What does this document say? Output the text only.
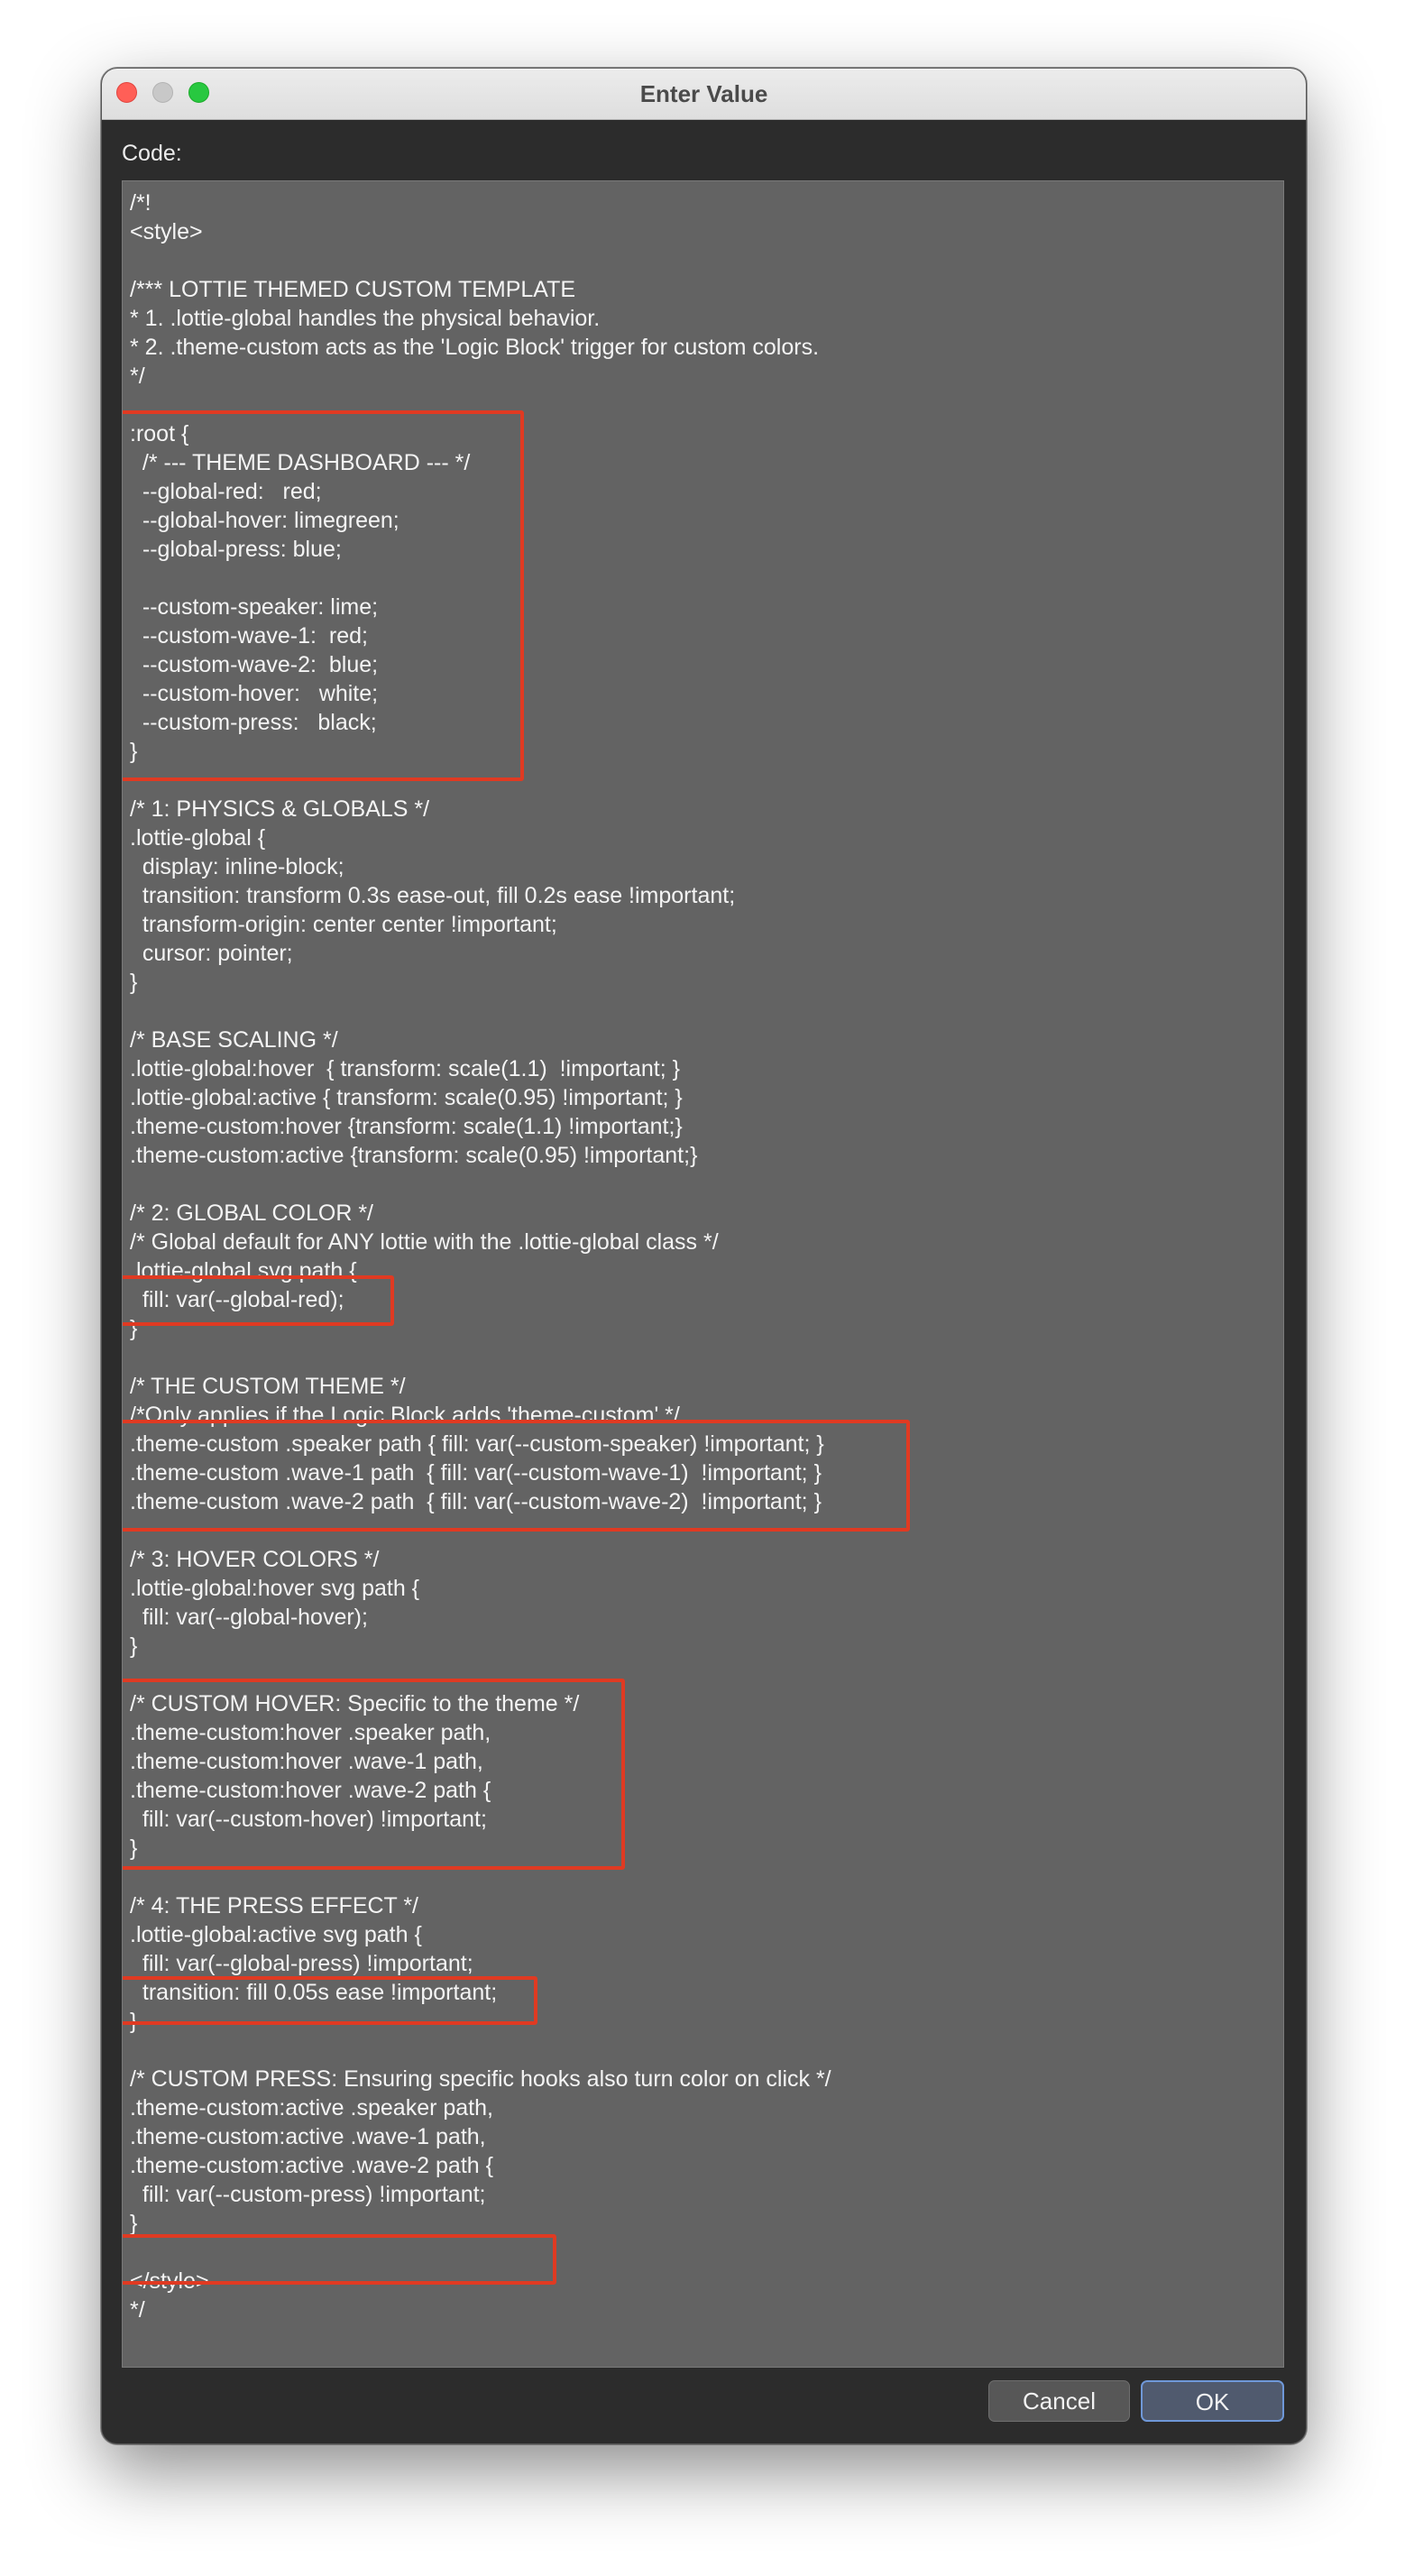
Enter Value
Code:
/*!
<style>
/*** LOTTIE THEMED CUSTOM TEMPLATE
* 1. .lottie-global handles the physical behavior.
* 2. .theme-custom acts as the 'Logic Block' trigger for custom colors.
*/
:root {
/* --- THEME DASHBOARD --- */
--global-red:   red;
--global-hover: limegreen;
--global-press: blue;
--custom-speaker: lime;
--custom-wave-1:  red;
--custom-wave-2:  blue;
--custom-hover:   white;
--custom-press:   black;
}
/* 1: PHYSICS & GLOBALS */
.lottie-global {
display: inline-block;
transition: transform 0.3s ease-out, fill 0.2s ease !important;
transform-origin: center center !important;
cursor: pointer;
}
/* BASE SCALING */
.lottie-global:hover  { transform: scale(1.1)  !important; }
.lottie-global:active { transform: scale(0.95) !important; }
.theme-custom:hover {transform: scale(1.1) !important;}
.theme-custom:active {transform: scale(0.95) !important;}
/* 2: GLOBAL COLOR */
/* Global default for ANY lottie with the .lottie-global class */
.lottie-global svg path {
fill: var(--global-red);
}
/* THE CUSTOM THEME */
/*Only applies if the Logic Block adds 'theme-custom' */
.theme-custom .speaker path { fill: var(--custom-speaker) !important; }
.theme-custom .wave-1 path  { fill: var(--custom-wave-1)  !important; }
.theme-custom .wave-2 path  { fill: var(--custom-wave-2)  !important; }
/* 3: HOVER COLORS */
.lottie-global:hover svg path {
fill: var(--global-hover);
}
/* CUSTOM HOVER: Specific to the theme */
.theme-custom:hover .speaker path,
.theme-custom:hover .wave-1 path,
.theme-custom:hover .wave-2 path {
fill: var(--custom-hover) !important;
}
/* 4: THE PRESS EFFECT */
.lottie-global:active svg path {
fill: var(--global-press) !important;
transition: fill 0.05s ease !important;
}
/* CUSTOM PRESS: Ensuring specific hooks also turn color on click */
.theme-custom:active .speaker path,
.theme-custom:active .wave-1 path,
.theme-custom:active .wave-2 path {
fill: var(--custom-press) !important;
}
</style>
*/
Cancel	OK
